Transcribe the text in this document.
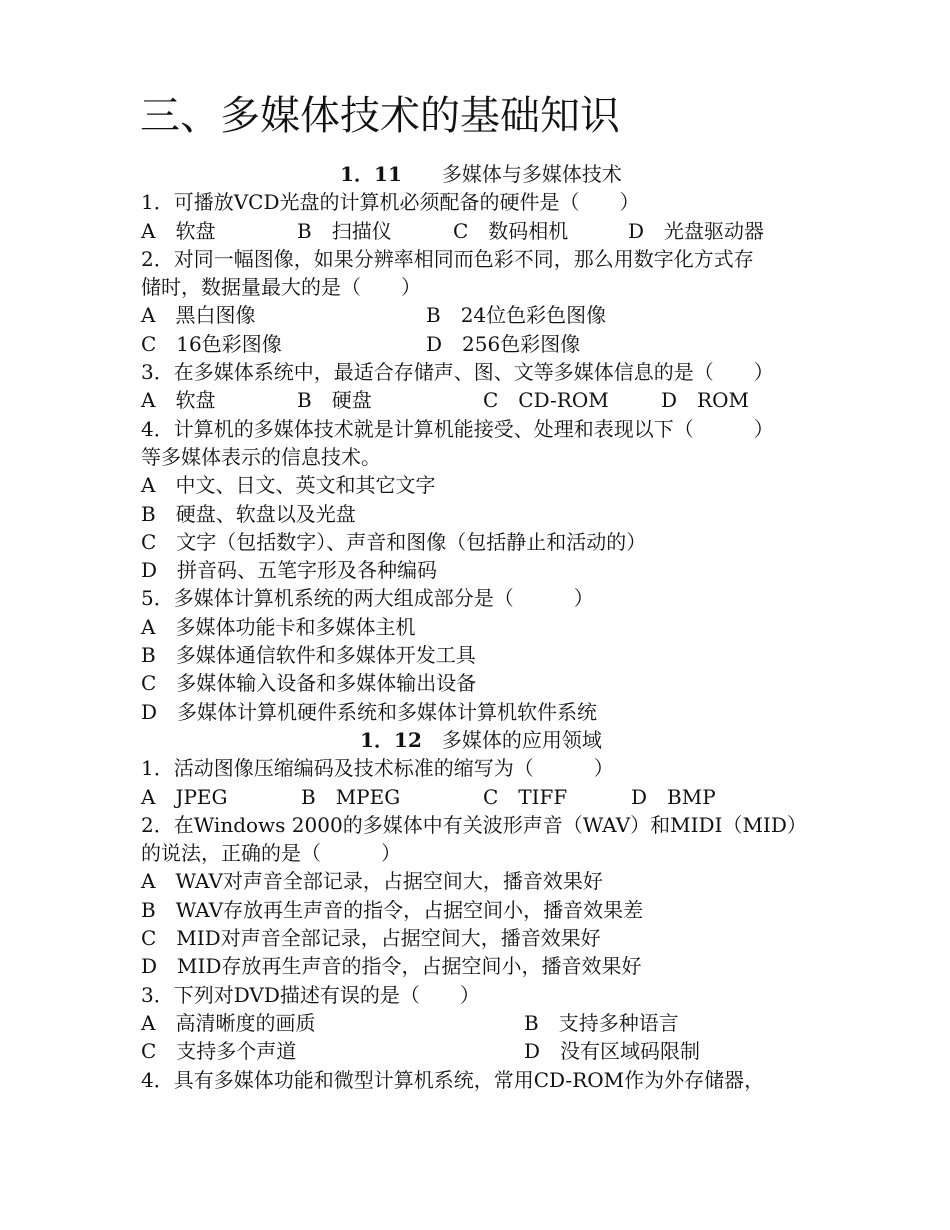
三、多媒体技术的基础知识
1．11 多媒体与多媒体技术
1．可播放VCD光盘的计算机必须配备的硬件是（　　）
A　软盘	B　扫描仪	C　数码相机	D　光盘驱动器
2．对同一幅图像，如果分辨率相同而色彩不同，那么用数字化方式存
储时，数据量最大的是（　　）
A　黑白图像	B　24位色彩色图像
C　16色彩图像	D　256色彩图像
3．在多媒体系统中，最适合存储声、图、文等多媒体信息的是（　　）
A　软盘	B　硬盘	C　CD-ROM	D　ROM
4．计算机的多媒体技术就是计算机能接受、处理和表现以下（　　　）
等多媒体表示的信息技术。
A　中文、日文、英文和其它文字
B　硬盘、软盘以及光盘
C　文字（包括数字）、声音和图像（包括静止和活动的）
D　拼音码、五笔字形及各种编码
5．多媒体计算机系统的两大组成部分是（　　　）
A　多媒体功能卡和多媒体主机
B　多媒体通信软件和多媒体开发工具
C　多媒体输入设备和多媒体输出设备
D　多媒体计算机硬件系统和多媒体计算机软件系统
1．12 多媒体的应用领域
1．活动图像压缩编码及技术标准的缩写为（　　　）
A　JPEG	B　MPEG	C　TIFF	D　BMP
2．在Windows 2000的多媒体中有关波形声音（WAV）和MIDI（MID）
的说法，正确的是（　　　）
A　WAV对声音全部记录，占据空间大，播音效果好
B　WAV存放再生声音的指令，占据空间小，播音效果差
C　MID对声音全部记录，占据空间大，播音效果好
D　MID存放再生声音的指令，占据空间小，播音效果好
3．下列对DVD描述有误的是（　　）
A　高清晰度的画质	B　支持多种语言
C　支持多个声道	D　没有区域码限制
4．具有多媒体功能和微型计算机系统，常用CD-ROM作为外存储器，
